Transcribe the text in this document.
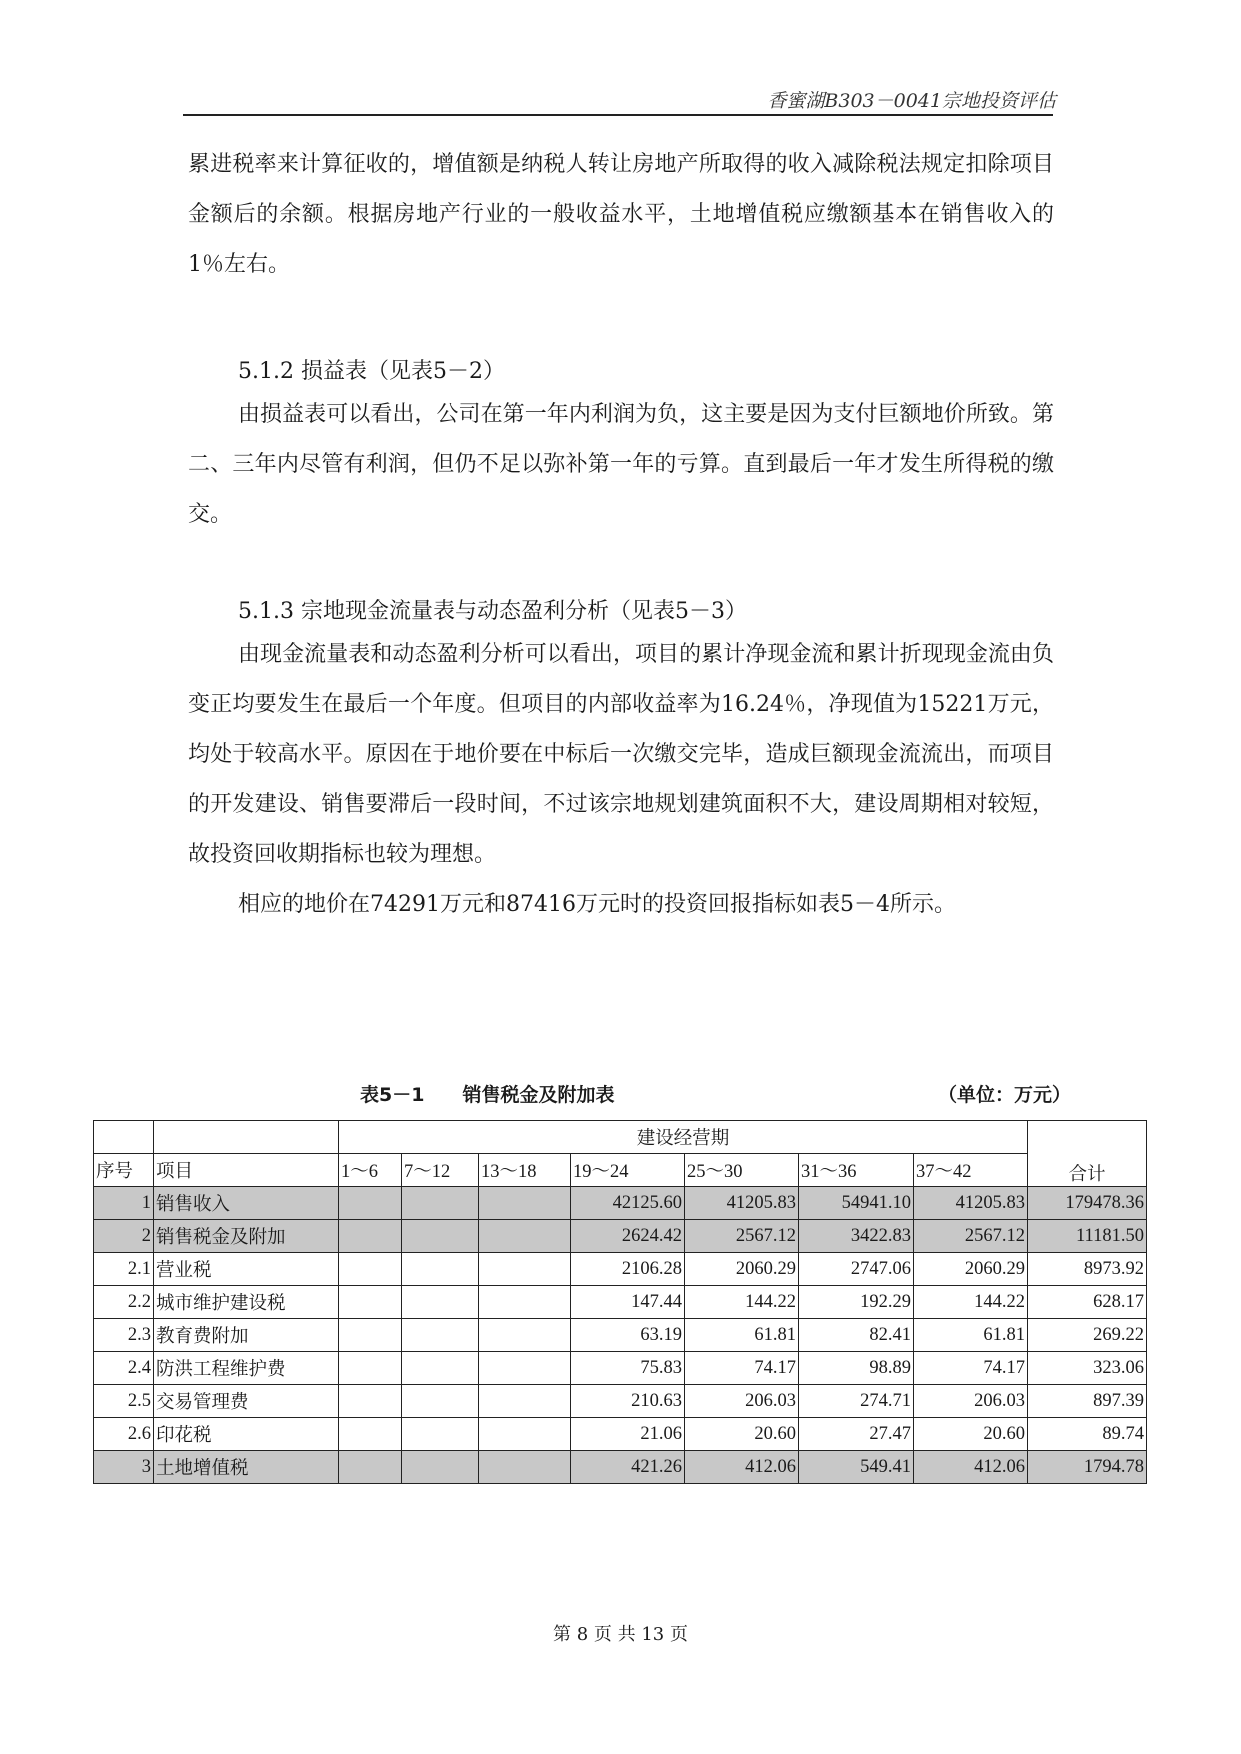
香蜜湖B303－0041宗地投资评估

累进税率来计算征收的，增值额是纳税人转让房地产所取得的收入减除税法规定扣除项目金额后的余额。根据房地产行业的一般收益水平，土地增值税应缴额基本在销售收入的1％左右。

5.1.2 损益表（见表5－2）

由损益表可以看出，公司在第一年内利润为负，这主要是因为支付巨额地价所致。第二、三年内尽管有利润，但仍不足以弥补第一年的亏算。直到最后一年才发生所得税的缴交。

5.1.3 宗地现金流量表与动态盈利分析（见表5－3）

由现金流量表和动态盈利分析可以看出，项目的累计净现金流和累计折现现金流由负变正均要发生在最后一个年度。但项目的内部收益率为16.24％，净现值为15221万元，均处于较高水平。原因在于地价要在中标后一次缴交完毕，造成巨额现金流流出，而项目的开发建设、销售要滞后一段时间，不过该宗地规划建筑面积不大，建设周期相对较短，故投资回收期指标也较为理想。

相应的地价在74291万元和87416万元时的投资回报指标如表5－4所示。

表5－1　　销售税金及附加表	（单位：万元）
		建设经营期							合计
序号	项目	1～6	7～12	13～18	19～24	25～30	31～36	37～42	
1	销售收入				42125.60	41205.83	54941.10	41205.83	179478.36
2	销售税金及附加				2624.42	2567.12	3422.83	2567.12	11181.50
2.1	营业税				2106.28	2060.29	2747.06	2060.29	8973.92
2.2	城市维护建设税				147.44	144.22	192.29	144.22	628.17
2.3	教育费附加				63.19	61.81	82.41	61.81	269.22
2.4	防洪工程维护费				75.83	74.17	98.89	74.17	323.06
2.5	交易管理费				210.63	206.03	274.71	206.03	897.39
2.6	印花税				21.06	20.60	27.47	20.60	89.74
3	土地增值税				421.26	412.06	549.41	412.06	1794.78
第 8 页 共 13 页
